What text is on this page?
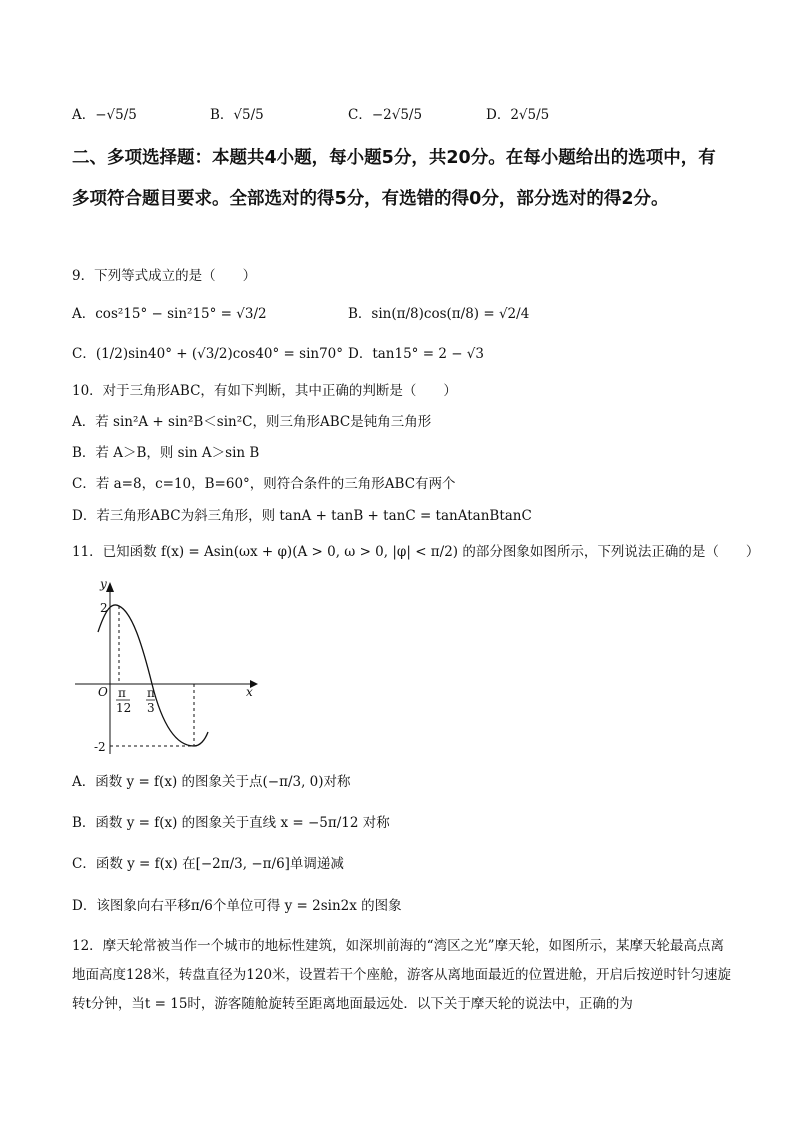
A．−√5/5	B．√5/5	C．−2√5/5	D．2√5/5
二、多项选择题：本题共4小题，每小题5分，共20分。在每小题给出的选项中，有多项符合题目要求。全部选对的得5分，有选错的得0分，部分选对的得2分。
9．下列等式成立的是（　　）
A．cos²15° − sin²15° = √3/2	B．sin(π/8)cos(π/8) = √2/4
C．(1/2)sin40° + (√3/2)cos40° = sin70° D．tan15° = 2 − √3
10．对于三角形ABC，有如下判断，其中正确的判断是（　　）
A．若 sin²A + sin²B＜sin²C，则三角形ABC是钝角三角形
B．若 A＞B，则 sin A＞sin B
C．若 a=8，c=10，B=60°，则符合条件的三角形ABC有两个
D．若三角形ABC为斜三角形，则 tanA + tanB + tanC = tanAtanBtanC
11．已知函数 f(x) = Asin(ωx + φ)(A > 0, ω > 0, |φ| < π/2) 的部分图象如图所示，下列说法正确的是（　　）
y
x
O
2
-2
π
12
π
3
A．函数 y = f(x) 的图象关于点(−π/3, 0)对称
B．函数 y = f(x) 的图象关于直线 x = −5π/12 对称
C．函数 y = f(x) 在[−2π/3, −π/6]单调递减
D．该图象向右平移π/6个单位可得 y = 2sin2x 的图象
12．摩天轮常被当作一个城市的地标性建筑，如深圳前海的“湾区之光”摩天轮，如图所示，某摩天轮最高点离地面高度128米，转盘直径为120米，设置若干个座舱，游客从离地面最近的位置进舱，开启后按逆时针匀速旋转t分钟，当t = 15时，游客随舱旋转至距离地面最远处．以下关于摩天轮的说法中，正确的为
